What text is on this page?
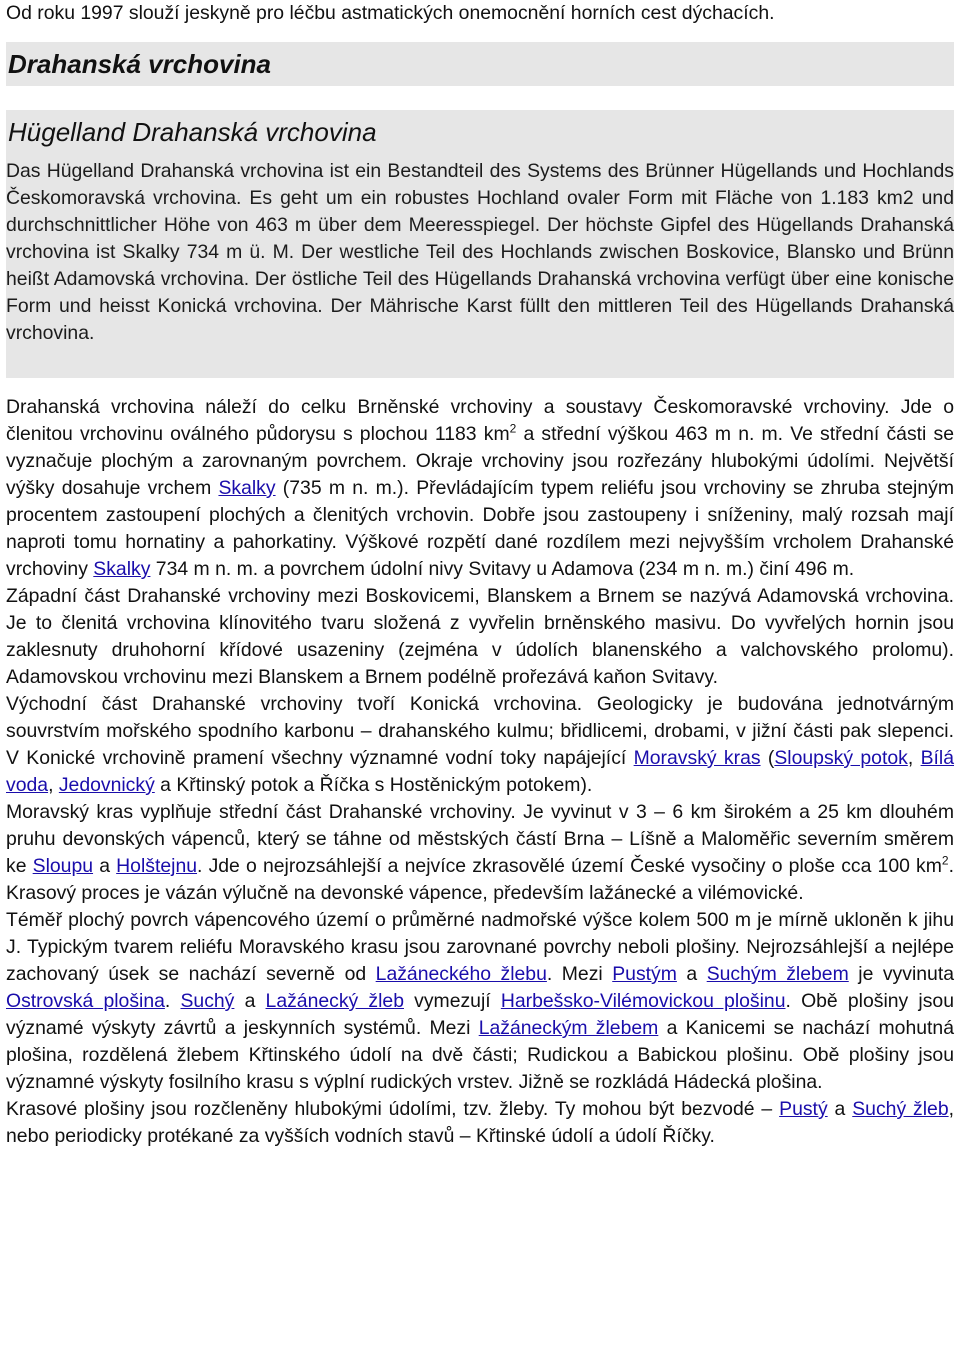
Od roku 1997 slouží jeskyně pro léčbu astmatických onemocnění horních cest dýchacích.

Drahanská vrchovina
Hügelland Drahanská vrchovina

Das Hügelland Drahanská vrchovina ist ein Bestandteil des Systems des Brünner Hügellands und Hochlands Českomoravská vrchovina. Es geht um ein robustes Hochland ovaler Form mit Fläche von 1.183 km2 und durchschnittlicher Höhe von 463 m über dem Meeresspiegel. Der höchste Gipfel des Hügellands Drahanská vrchovina ist Skalky 734 m ü. M. Der westliche Teil des Hochlands zwischen Boskovice, Blansko und Brünn heißt Adamovská vrchovina. Der östliche Teil des Hügellands Drahanská vrchovina verfügt über eine konische Form und heisst Konická vrchovina. Der Mährische Karst füllt den mittleren Teil des Hügellands Drahanská vrchovina.

Drahanská vrchovina náleží do celku Brněnské vrchoviny a soustavy Českomoravské vrchoviny. Jde o členitou vrchovinu oválného půdorysu s plochou 1183 $km^2$ a střední výškou 463 m n. m. Ve střední části se vyznačuje plochým a zarovnaným povrchem. Okraje vrchoviny jsou rozřezány hlubokými údolími. Největší výšky dosahuje vrchem Skalky (735 m n. m.). Převládajícím typem reliéfu jsou vrchoviny se zhruba stejným procentem zastoupení plochých a členitých vrchovin. Dobře jsou zastoupeny i sníženiny, malý rozsah mají naproti tomu hornatiny a pahorkatiny. Výškové rozpětí dané rozdílem mezi nejvyšším vrcholem Drahanské vrchoviny Skalky 734 m n. m. a povrchem údolní nivy Svitavy u Adamova (234 m n. m.) činí 496 m.

Západní část Drahanské vrchoviny mezi Boskovicemi, Blanskem a Brnem se nazývá Adamovská vrchovina. Je to členitá vrchovina klínovitého tvaru složená z vyvřelin brněnského masivu. Do vyvřelých hornin jsou zaklesnuty druhohorní křídové usazeniny (zejména v údolích blanenského a valchovského prolomu). Adamovskou vrchovinu mezi Blanskem a Brnem podélně prořezává kaňon Svitavy.

Východní část Drahanské vrchoviny tvoří Konická vrchovina. Geologicky je budována jednotvárným souvrstvím mořského spodního karbonu – drahanského kulmu; břidlicemi, drobami, v jižní části pak slepenci. V Konické vrchovině pramení všechny významné vodní toky napájející Moravský kras (Sloupský potok, Bílá voda, Jedovnický a Křtinský potok a Říčka s Hostěnickým potokem).

Moravský kras vyplňuje střední část Drahanské vrchoviny. Je vyvinut v 3 – 6 km širokém a 25 km dlouhém pruhu devonských vápenců, který se táhne od městských částí Brna – Líšně a Maloměřic severním směrem ke Sloupu a Holštejnu. Jde o nejrozsáhlejší a nejvíce zkrasovělé území České vysočiny o ploše cca 100 $km^2$. Krasový proces je vázán výlučně na devonské vápence, především lažánecké a vilémovické.

Téměř plochý povrch vápencového území o průměrné nadmořské výšce kolem 500 m je mírně ukloněn k jihu J. Typickým tvarem reliéfu Moravského krasu jsou zarovnané povrchy neboli plošiny. Nejrozsáhlejší a nejlépe zachovaný úsek se nachází severně od Lažáneckého žlebu. Mezi Pustým a Suchým žlebem je vyvinuta Ostrovská plošina. Suchý a Lažánecký žleb vymezují Harbešsko-Vilémovickou plošinu. Obě plošiny jsou významé výskyty závrtů a jeskynních systémů. Mezi Lažáneckým žlebem a Kanicemi se nachází mohutná plošina, rozdělená žlebem Křtinského údolí na dvě části; Rudickou a Babickou plošinu. Obě plošiny jsou významné výskyty fosilního krasu s výplní rudických vrstev. Jižně se rozkládá Hádecká plošina.

Krasové plošiny jsou rozčleněny hlubokými údolími, tzv. žleby. Ty mohou být bezvodé – Pustý a Suchý žleb, nebo periodicky protékané za vyšších vodních stavů – Křtinské údolí a údolí Říčky.
